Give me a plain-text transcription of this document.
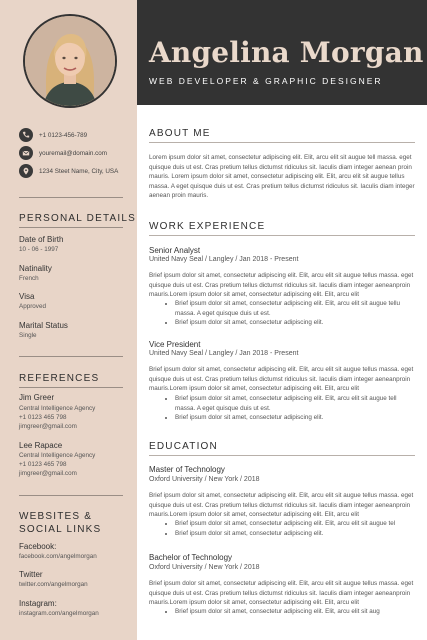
+1 0123-456-789
youremail@domain.com
1234 Steet Name, City, USA
PERSONAL DETAILS
Date of Birth
10 - 06 - 1997
Natinality
French
Visa
Approved
Marital Status
Single
REFERENCES
Jim Greer
Central Intelligence Agency
+1 0123 465 798
jimgreer@gmail.com
Lee Rapace
Central Intelligence Agency
+1 0123 465 798
jimgreer@gmail.com
WEBSITES & SOCIAL LINKS
Facebook:
facebook.com/angelmorgan
Twitter
twitter.com/angelmorgan
Instagram:
instagram.com/angelmorgan
Angelina Morgan
WEB DEVELOPER & GRAPHIC DESIGNER
ABOUT ME

Lorem ipsum dolor sit amet, consectetur adipiscing elit. Elit, arcu elit sit augue tell massa. eget quisque duis ut est. Cras pretium tellus dictumst ridiculus sit. Iaculis diam integer aenean proin mauris. Lorem ipsum dolor sit amet, consectetur adipiscing elit. Elit, arcu elit sit augue tellus massa. A eget quisque duis ut est. Cras pretium tellus dictumst ridiculus sit. Iaculis diam integer aenean proin mauris.

WORK EXPERIENCE
Senior Analyst
United Navy Seal / Langley / Jan 2018 - Present

Brief ipsum dolor sit amet, consectetur adipiscing elit. Elit, arcu elit sit augue tellus massa. eget quisque duis ut est. Cras pretium tellus dictumst ridiculus sit. Iaculis diam integer aeneanproin mauris.Lorem ipsum dolor sit amet, consectetur adipiscing elit. Elit, arcu elit

• Brief ipsum dolor sit amet, consectetur adipiscing elit. Elit, arcu elit sit augue tellu massa. A eget quisque duis ut est.
• Brief ipsum dolor sit amet, consectetur adipiscing elit.
Vice President
United Navy Seal / Langley / Jan 2018 - Present

Brief ipsum dolor sit amet, consectetur adipiscing elit. Elit, arcu elit sit augue tellus massa. eget quisque duis ut est. Cras pretium tellus dictumst ridiculus sit. Iaculis diam integer aeneanproin mauris.Lorem ipsum dolor sit amet, consectetur adipiscing elit. Elit, arcu elit

• Brief ipsum dolor sit amet, consectetur adipiscing elit. Elit, arcu elit sit augue tell massa. A eget quisque duis ut est.
• Brief ipsum dolor sit amet, consectetur adipiscing elit.
EDUCATION
Master of Technology
Oxford University / New York / 2018

Brief ipsum dolor sit amet, consectetur adipiscing elit. Elit, arcu elit sit augue tellus massa. eget quisque duis ut est. Cras pretium tellus dictumst ridiculus sit. Iaculis diam integer aeneanproin mauris.Lorem ipsum dolor sit amet, consectetur adipiscing elit. Elit, arcu elit

• Brief ipsum dolor sit amet, consectetur adipiscing elit. Elit, arcu elit sit augue tel
• Brief ipsum dolor sit amet, consectetur adipiscing elit.
Bachelor of Technology
Oxford University / New York / 2018

Brief ipsum dolor sit amet, consectetur adipiscing elit. Elit, arcu elit sit augue tellus massa. eget quisque duis ut est. Cras pretium tellus dictumst ridiculus sit. Iaculis diam integer aeneanproin mauris.Lorem ipsum dolor sit amet, consectetur adipiscing elit. Elit, arcu elit

• Brief ipsum dolor sit amet, consectetur adipiscing elit. Elit, arcu elit sit aug
